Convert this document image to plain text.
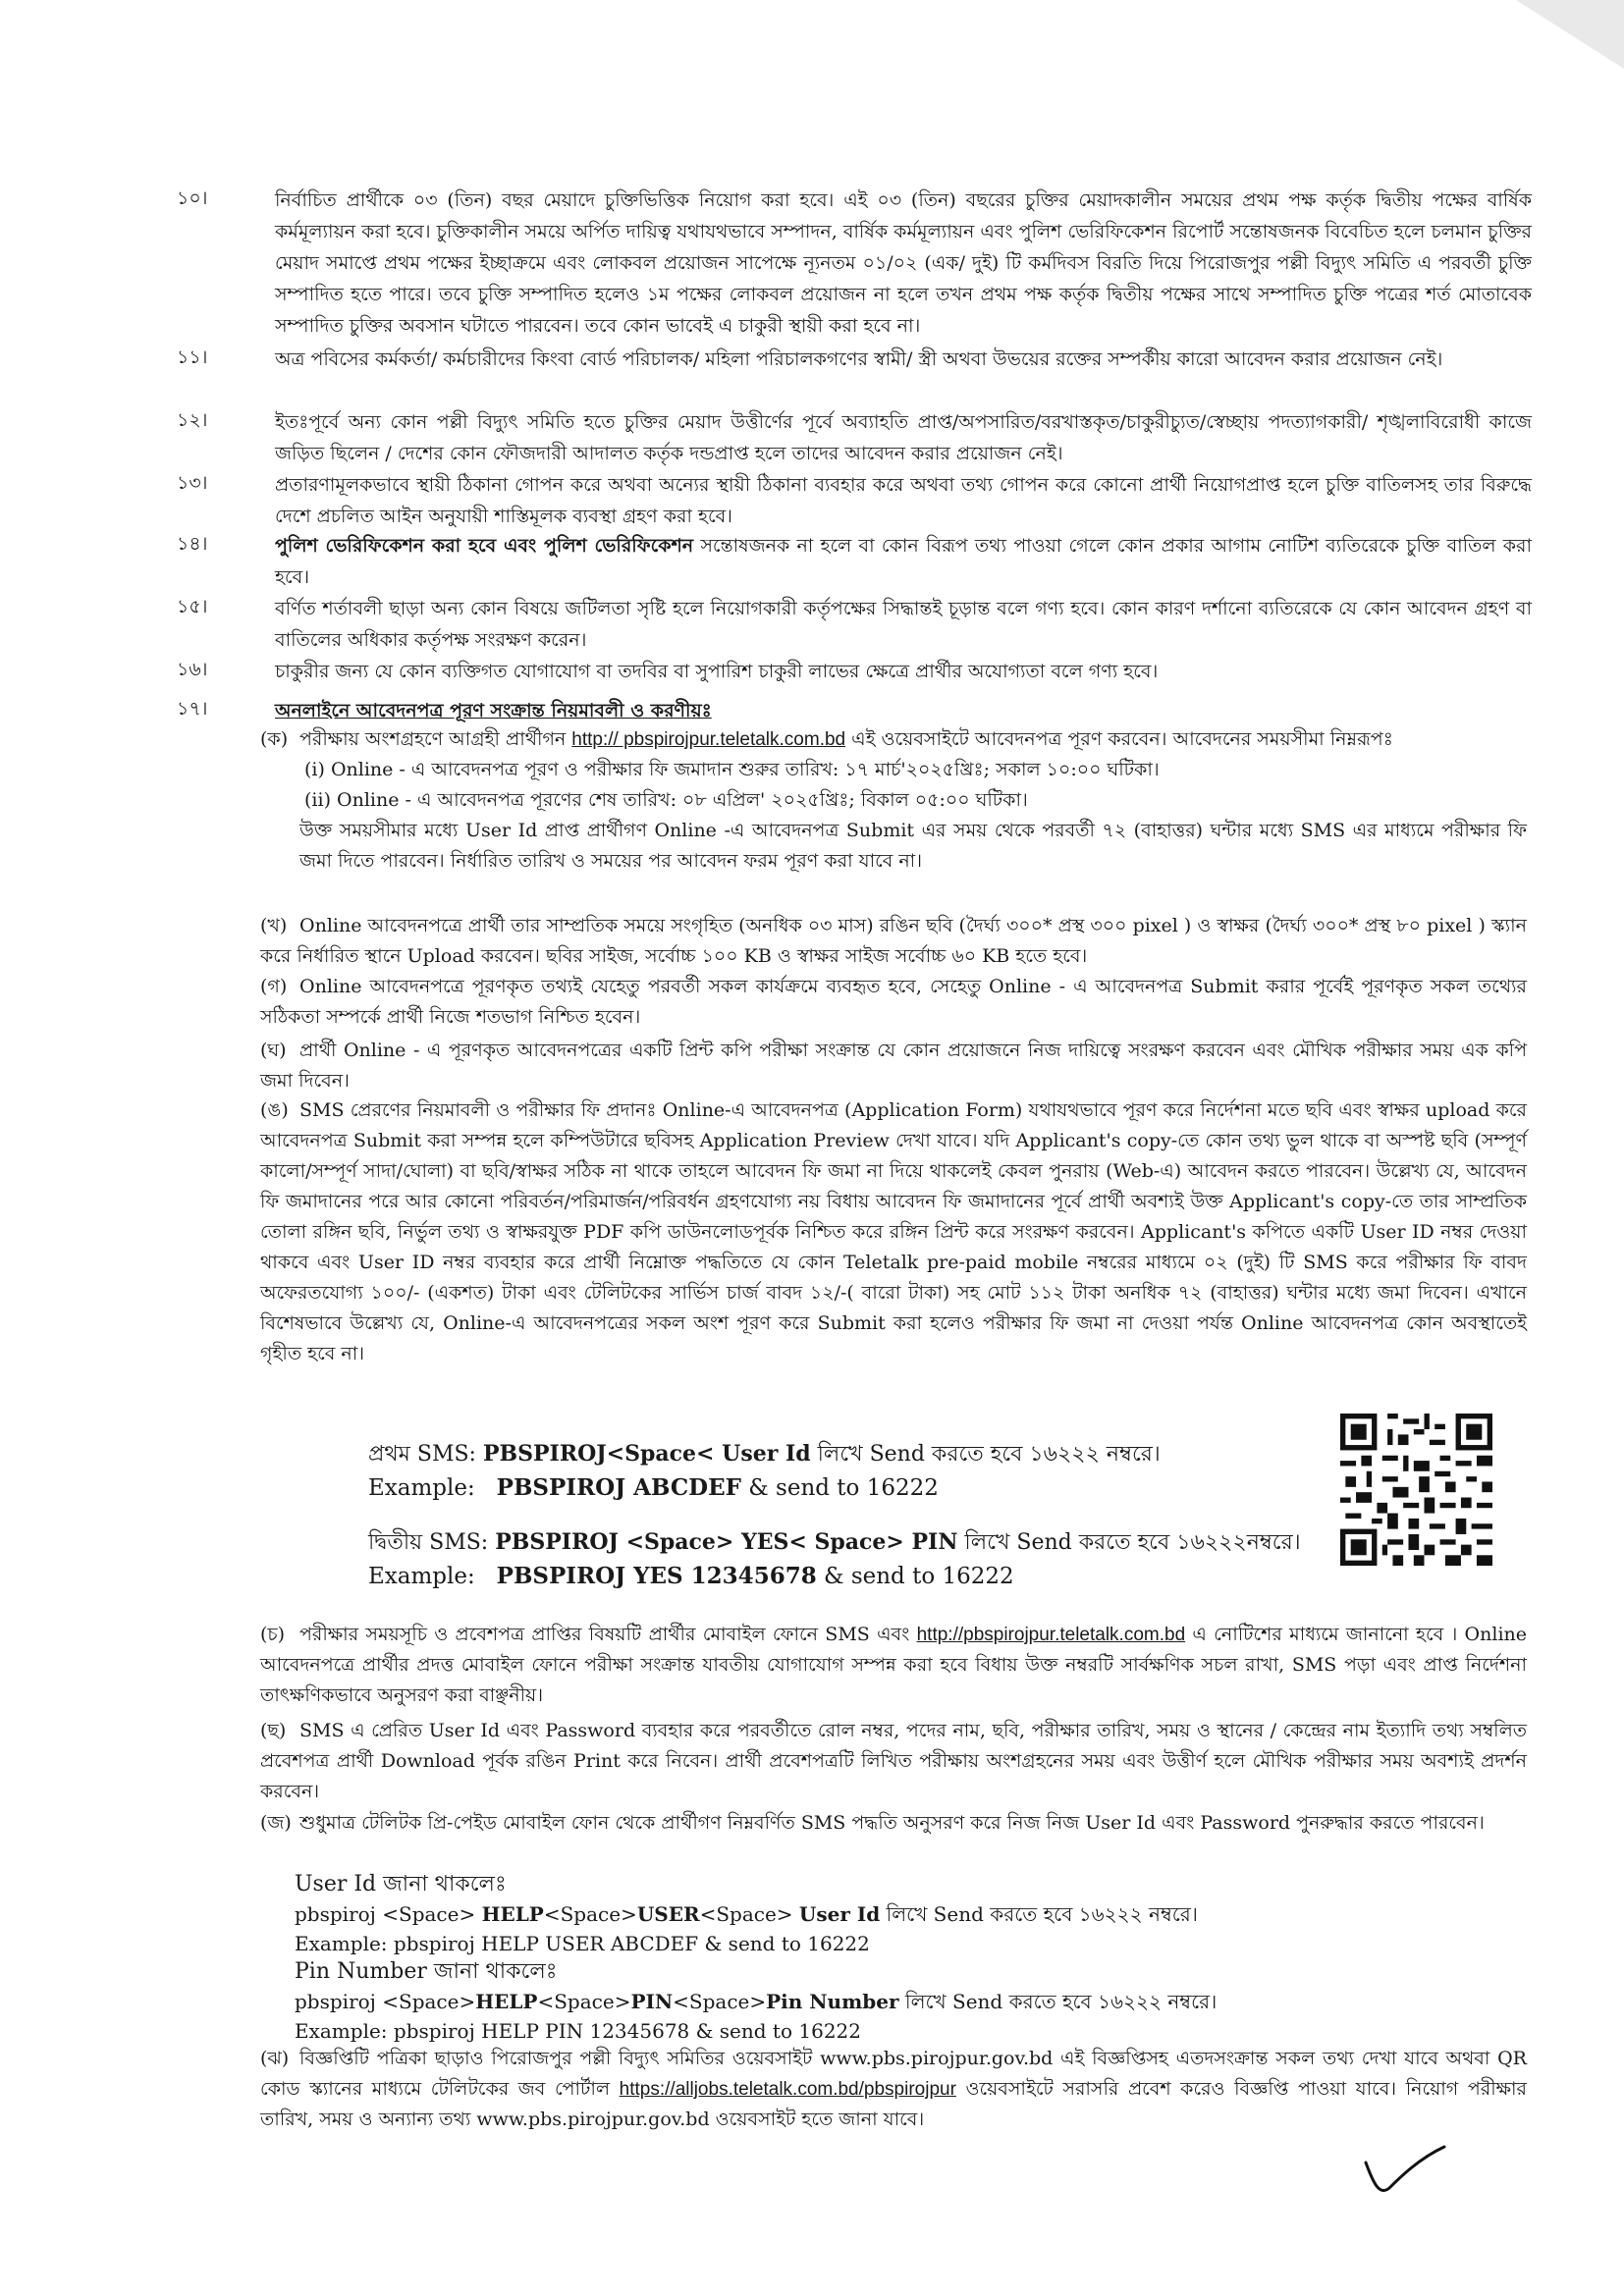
১০।	নির্বাচিত প্রার্থীকে ০৩ (তিন) বছর মেয়াদে চুক্তিভিত্তিক নিয়োগ করা হবে। এই ০৩ (তিন) বছরের চুক্তির মেয়াদকালীন সময়ের প্রথম পক্ষ কর্তৃক দ্বিতীয় পক্ষের বার্ষিক কর্মমূল্যায়ন করা হবে। চুক্তিকালীন সময়ে অর্পিত দায়িত্ব যথাযথভাবে সম্পাদন, বার্ষিক কর্মমূল্যায়ন এবং পুলিশ ভেরিফিকেশন রিপোর্ট সন্তোষজনক বিবেচিত হলে চলমান চুক্তির মেয়াদ সমাপ্তে প্রথম পক্ষের ইচ্ছাক্রমে এবং লোকবল প্রয়োজন সাপেক্ষে ন্যূনতম ০১/০২ (এক/ দুই) টি কর্মদিবস বিরতি দিয়ে পিরোজপুর পল্লী বিদ্যুৎ সমিতি এ পরবর্তী চুক্তি সম্পাদিত হতে পারে। তবে চুক্তি সম্পাদিত হলেও ১ম পক্ষের লোকবল প্রয়োজন না হলে তখন প্রথম পক্ষ কর্তৃক দ্বিতীয় পক্ষের সাথে সম্পাদিত চুক্তি পত্রের শর্ত মোতাবেক সম্পাদিত চুক্তির অবসান ঘটাতে পারবেন। তবে কোন ভাবেই এ চাকুরী স্থায়ী করা হবে না।
১১।	অত্র পবিসের কর্মকর্তা/ কর্মচারীদের কিংবা বোর্ড পরিচালক/ মহিলা পরিচালকগণের স্বামী/ স্ত্রী অথবা উভয়ের রক্তের সম্পর্কীয় কারো আবেদন করার প্রয়োজন নেই।
১২।	ইতঃপূর্বে অন্য কোন পল্লী বিদ্যুৎ সমিতি হতে চুক্তির মেয়াদ উত্তীর্ণের পূর্বে অব্যাহতি প্রাপ্ত/অপসারিত/বরখাস্তকৃত/চাকুরীচ্যুত/স্বেচ্ছায় পদত্যাগকারী/ শৃঙ্খলাবিরোধী কাজে জড়িত ছিলেন / দেশের কোন ফৌজদারী আদালত কর্তৃক দন্ডপ্রাপ্ত হলে তাদের আবেদন করার প্রয়োজন নেই।
১৩।	প্রতারণামূলকভাবে স্থায়ী ঠিকানা গোপন করে অথবা অন্যের স্থায়ী ঠিকানা ব্যবহার করে অথবা তথ্য গোপন করে কোনো প্রার্থী নিয়োগপ্রাপ্ত হলে চুক্তি বাতিলসহ তার বিরুদ্ধে দেশে প্রচলিত আইন অনুযায়ী শাস্তিমূলক ব্যবস্থা গ্রহণ করা হবে।
১৪।	পুলিশ ভেরিফিকেশন করা হবে এবং পুলিশ ভেরিফিকেশন সন্তোষজনক না হলে বা কোন বিরূপ তথ্য পাওয়া গেলে কোন প্রকার আগাম নোটিশ ব্যতিরেকে চুক্তি বাতিল করা হবে।
১৫।	বর্ণিত শর্তাবলী ছাড়া অন্য কোন বিষয়ে জটিলতা সৃষ্টি হলে নিয়োগকারী কর্তৃপক্ষের সিদ্ধান্তই চূড়ান্ত বলে গণ্য হবে। কোন কারণ দর্শানো ব্যতিরেকে যে কোন আবেদন গ্রহণ বা বাতিলের অধিকার কর্তৃপক্ষ সংরক্ষণ করেন।
১৬।	চাকুরীর জন্য যে কোন ব্যক্তিগত যোগাযোগ বা তদবির বা সুপারিশ চাকুরী লাভের ক্ষেত্রে প্রার্থীর অযোগ্যতা বলে গণ্য হবে।
১৭।	অনলাইনে আবেদনপত্র পূরণ সংক্রান্ত নিয়মাবলী ও করণীয়ঃ
(ক) পরীক্ষায় অংশগ্রহণে আগ্রহী প্রার্থীগন http:// pbspirojpur.teletalk.com.bd এই ওয়েবসাইটে আবেদনপত্র পূরণ করবেন। আবেদনের সময়সীমা নিম্নরূপঃ
(i) Online - এ আবেদনপত্র পূরণ ও পরীক্ষার ফি জমাদান শুরুর তারিখ: ১৭ মার্চ'২০২৫খ্রিঃ; সকাল ১০:০০ ঘটিকা।
(ii) Online - এ আবেদনপত্র পূরণের শেষ তারিখ: ০৮ এপ্রিল' ২০২৫খ্রিঃ; বিকাল ০৫:০০ ঘটিকা।
উক্ত সময়সীমার মধ্যে User Id প্রাপ্ত প্রার্থীগণ Online -এ আবেদনপত্র Submit এর সময় থেকে পরবর্তী ৭২ (বাহাত্তর) ঘন্টার মধ্যে SMS এর মাধ্যমে পরীক্ষার ফি জমা দিতে পারবেন। নির্ধারিত তারিখ ও সময়ের পর আবেদন ফরম পূরণ করা যাবে না।
(খ) Online আবেদনপত্রে প্রার্থী তার সাম্প্রতিক সময়ে সংগৃহিত (অনধিক ০৩ মাস) রঙিন ছবি (দৈর্ঘ্য ৩০০* প্রস্থ ৩০০ pixel ) ও স্বাক্ষর (দৈর্ঘ্য ৩০০* প্রস্থ ৮০ pixel ) স্ক্যান করে নির্ধারিত স্থানে Upload করবেন। ছবির সাইজ, সর্বোচ্চ ১০০ KB ও স্বাক্ষর সাইজ সর্বোচ্চ ৬০ KB হতে হবে।
(গ) Online আবেদনপত্রে পূরণকৃত তথ্যই যেহেতু পরবর্তী সকল কার্যক্রমে ব্যবহৃত হবে, সেহেতু Online - এ আবেদনপত্র Submit করার পূর্বেই পূরণকৃত সকল তথ্যের সঠিকতা সম্পর্কে প্রার্থী নিজে শতভাগ নিশ্চিত হবেন।
(ঘ) প্রার্থী Online - এ পূরণকৃত আবেদনপত্রের একটি প্রিন্ট কপি পরীক্ষা সংক্রান্ত যে কোন প্রয়োজনে নিজ দায়িত্বে সংরক্ষণ করবেন এবং মৌখিক পরীক্ষার সময় এক কপি জমা দিবেন।
(ঙ) SMS প্রেরণের নিয়মাবলী ও পরীক্ষার ফি প্রদানঃ Online-এ আবেদনপত্র (Application Form) যথাযথভাবে পূরণ করে নির্দেশনা মতে ছবি এবং স্বাক্ষর upload করে আবেদনপত্র Submit করা সম্পন্ন হলে কম্পিউটারে ছবিসহ Application Preview দেখা যাবে। যদি Applicant's copy-তে কোন তথ্য ভুল থাকে বা অস্পষ্ট ছবি (সম্পূর্ণ কালো/সম্পূর্ণ সাদা/ঘোলা) বা ছবি/স্বাক্ষর সঠিক না থাকে তাহলে আবেদন ফি জমা না দিয়ে থাকলেই কেবল পুনরায় (Web-এ) আবেদন করতে পারবেন। উল্লেখ্য যে, আবেদন ফি জমাদানের পরে আর কোনো পরিবর্তন/পরিমার্জন/পরিবর্ধন গ্রহণযোগ্য নয় বিধায় আবেদন ফি জমাদানের পূর্বে প্রার্থী অবশ্যই উক্ত Applicant's copy-তে তার সাম্প্রতিক তোলা রঙ্গিন ছবি, নির্ভুল তথ্য ও স্বাক্ষরযুক্ত PDF কপি ডাউনলোডপূর্বক নিশ্চিত করে রঙ্গিন প্রিন্ট করে সংরক্ষণ করবেন। Applicant's কপিতে একটি User ID নম্বর দেওয়া থাকবে এবং User ID নম্বর ব্যবহার করে প্রার্থী নিম্নোক্ত পদ্ধতিতে যে কোন Teletalk pre-paid mobile নম্বরের মাধ্যমে ০২ (দুই) টি SMS করে পরীক্ষার ফি বাবদ অফেরতযোগ্য ১০০/- (একশত) টাকা এবং টেলিটকের সার্ভিস চার্জ বাবদ ১২/-( বারো টাকা) সহ মোট ১১২ টাকা অনধিক ৭২ (বাহাত্তর) ঘন্টার মধ্যে জমা দিবেন। এখানে বিশেষভাবে উল্লেখ্য যে, Online-এ আবেদনপত্রের সকল অংশ পূরণ করে Submit করা হলেও পরীক্ষার ফি জমা না দেওয়া পর্যন্ত Online আবেদনপত্র কোন অবস্থাতেই গৃহীত হবে না।
প্রথম SMS: PBSPIROJ<Space< User Id লিখে Send করতে হবে ১৬২২২ নম্বরে।
Example: PBSPIROJ ABCDEF & send to 16222
দ্বিতীয় SMS: PBSPIROJ <Space> YES< Space> PIN লিখে Send করতে হবে ১৬২২২নম্বরে।
Example: PBSPIROJ YES 12345678 & send to 16222
(চ) পরীক্ষার সময়সূচি ও প্রবেশপত্র প্রাপ্তির বিষয়টি প্রার্থীর মোবাইল ফোনে SMS এবং http://pbspirojpur.teletalk.com.bd এ নোটিশের মাধ্যমে জানানো হবে । Online আবেদনপত্রে প্রার্থীর প্রদত্ত মোবাইল ফোনে পরীক্ষা সংক্রান্ত যাবতীয় যোগাযোগ সম্পন্ন করা হবে বিধায় উক্ত নম্বরটি সার্বক্ষণিক সচল রাখা, SMS পড়া এবং প্রাপ্ত নির্দেশনা তাৎক্ষণিকভাবে অনুসরণ করা বাঞ্ছনীয়।
(ছ) SMS এ প্রেরিত User Id এবং Password ব্যবহার করে পরবর্তীতে রোল নম্বর, পদের নাম, ছবি, পরীক্ষার তারিখ, সময় ও স্থানের / কেন্দ্রের নাম ইত্যাদি তথ্য সম্বলিত প্রবেশপত্র প্রার্থী Download পূর্বক রঙিন Print করে নিবেন। প্রার্থী প্রবেশপত্রটি লিখিত পরীক্ষায় অংশগ্রহনের সময় এবং উত্তীর্ণ হলে মৌখিক পরীক্ষার সময় অবশ্যই প্রদর্শন করবেন।
(জ) শুধুমাত্র টেলিটক প্রি-পেইড মোবাইল ফোন থেকে প্রার্থীগণ নিম্নবর্ণিত SMS পদ্ধতি অনুসরণ করে নিজ নিজ User Id এবং Password পুনরুদ্ধার করতে পারবেন।
User Id জানা থাকলেঃ
pbspiroj <Space> HELP<Space>USER<Space> User Id লিখে Send করতে হবে ১৬২২২ নম্বরে।
Example: pbspiroj HELP USER ABCDEF & send to 16222
Pin Number জানা থাকলেঃ
pbspiroj <Space>HELP<Space>PIN<Space>Pin Number লিখে Send করতে হবে ১৬২২২ নম্বরে।
Example: pbspiroj HELP PIN 12345678 & send to 16222
(ঝ) বিজ্ঞপ্তিটি পত্রিকা ছাড়াও পিরোজপুর পল্লী বিদ্যুৎ সমিতির ওয়েবসাইট www.pbs.pirojpur.gov.bd এই বিজ্ঞপ্তিসহ এতদসংক্রান্ত সকল তথ্য দেখা যাবে অথবা QR কোড স্ক্যানের মাধ্যমে টেলিটকের জব পোর্টাল https://alljobs.teletalk.com.bd/pbspirojpur ওয়েবসাইটে সরাসরি প্রবেশ করেও বিজ্ঞপ্তি পাওয়া যাবে। নিয়োগ পরীক্ষার তারিখ, সময় ও অন্যান্য তথ্য www.pbs.pirojpur.gov.bd ওয়েবসাইট হতে জানা যাবে।
